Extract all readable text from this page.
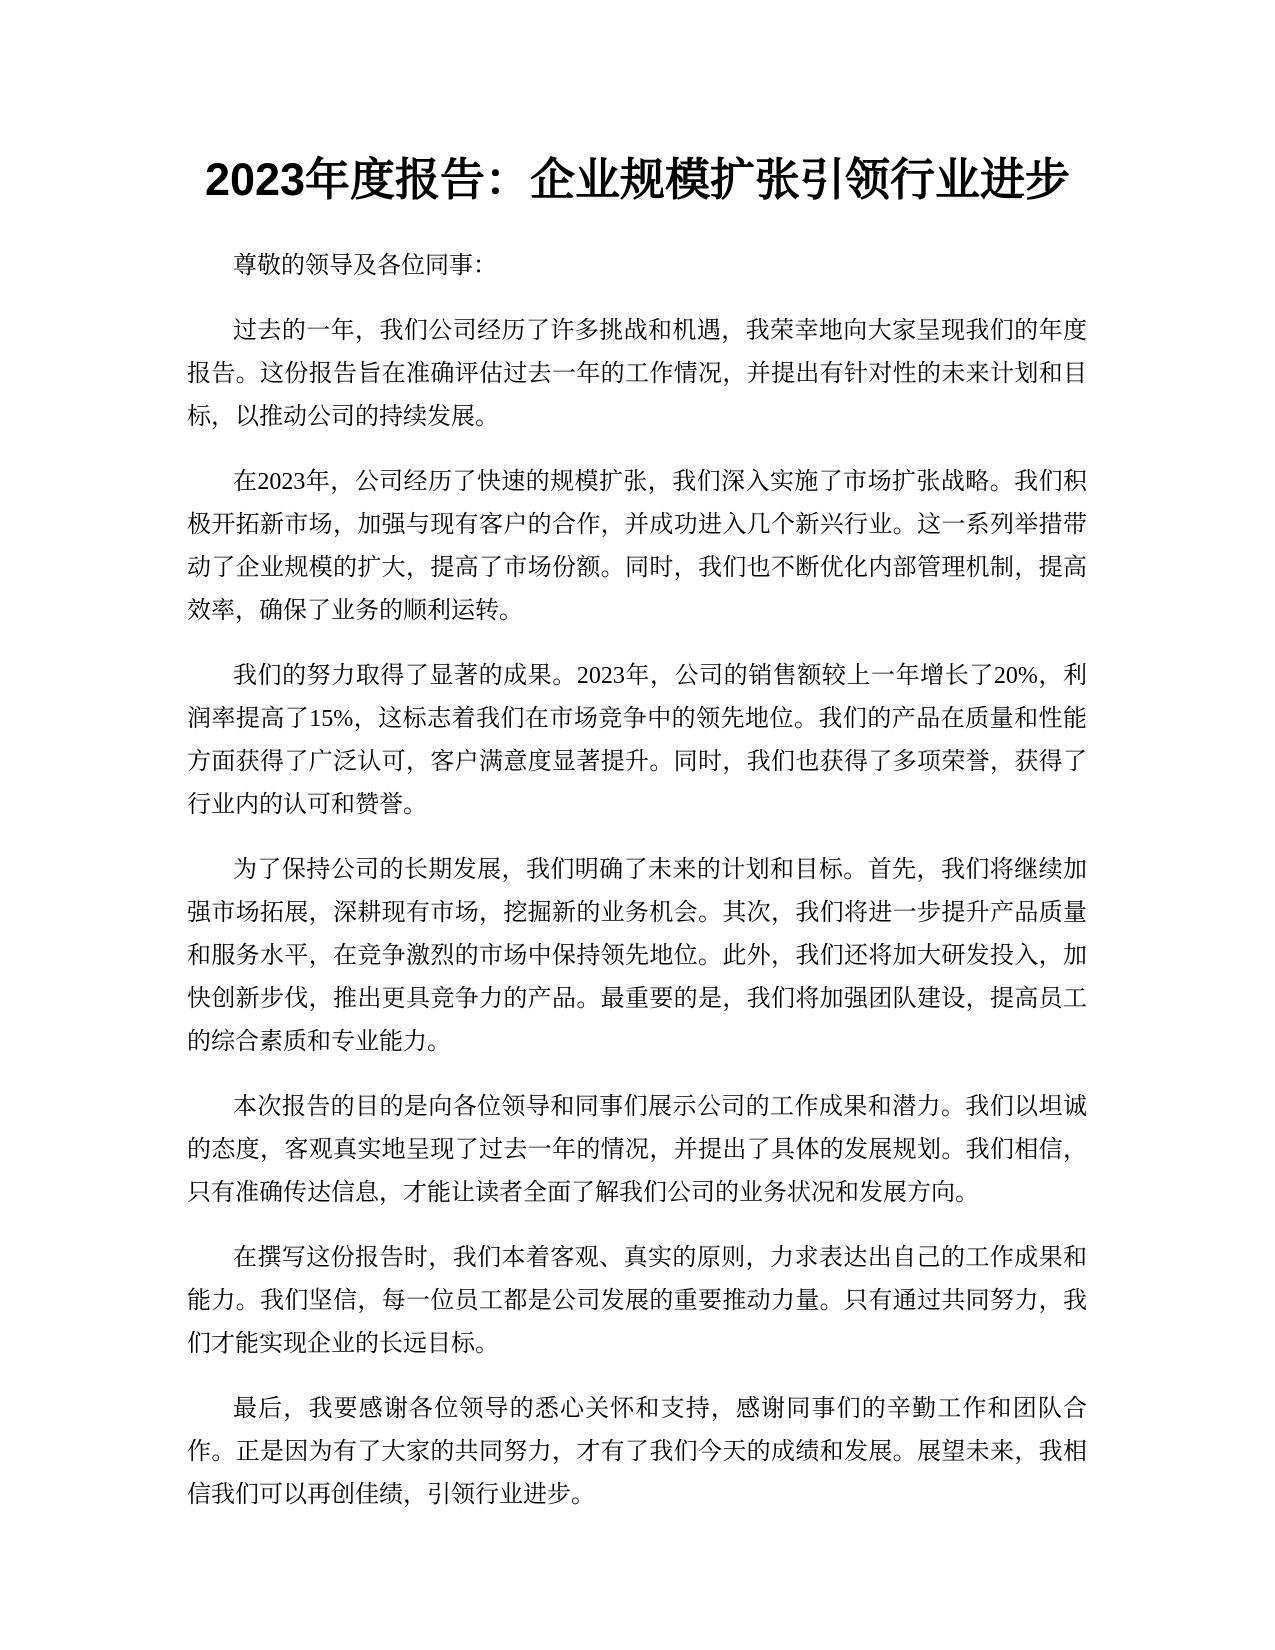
2023年度报告：企业规模扩张引领行业进步

尊敬的领导及各位同事：

过去的一年，我们公司经历了许多挑战和机遇，我荣幸地向大家呈现我们的年度报告。这份报告旨在准确评估过去一年的工作情况，并提出有针对性的未来计划和目标，以推动公司的持续发展。

在2023年，公司经历了快速的规模扩张，我们深入实施了市场扩张战略。我们积极开拓新市场，加强与现有客户的合作，并成功进入几个新兴行业。这一系列举措带动了企业规模的扩大，提高了市场份额。同时，我们也不断优化内部管理机制，提高效率，确保了业务的顺利运转。

我们的努力取得了显著的成果。2023年，公司的销售额较上一年增长了20%，利润率提高了15%，这标志着我们在市场竞争中的领先地位。我们的产品在质量和性能方面获得了广泛认可，客户满意度显著提升。同时，我们也获得了多项荣誉，获得了行业内的认可和赞誉。

为了保持公司的长期发展，我们明确了未来的计划和目标。首先，我们将继续加强市场拓展，深耕现有市场，挖掘新的业务机会。其次，我们将进一步提升产品质量和服务水平，在竞争激烈的市场中保持领先地位。此外，我们还将加大研发投入，加快创新步伐，推出更具竞争力的产品。最重要的是，我们将加强团队建设，提高员工的综合素质和专业能力。

本次报告的目的是向各位领导和同事们展示公司的工作成果和潜力。我们以坦诚的态度，客观真实地呈现了过去一年的情况，并提出了具体的发展规划。我们相信，只有准确传达信息，才能让读者全面了解我们公司的业务状况和发展方向。

在撰写这份报告时，我们本着客观、真实的原则，力求表达出自己的工作成果和能力。我们坚信，每一位员工都是公司发展的重要推动力量。只有通过共同努力，我们才能实现企业的长远目标。

最后，我要感谢各位领导的悉心关怀和支持，感谢同事们的辛勤工作和团队合作。正是因为有了大家的共同努力，才有了我们今天的成绩和发展。展望未来，我相信我们可以再创佳绩，引领行业进步。
